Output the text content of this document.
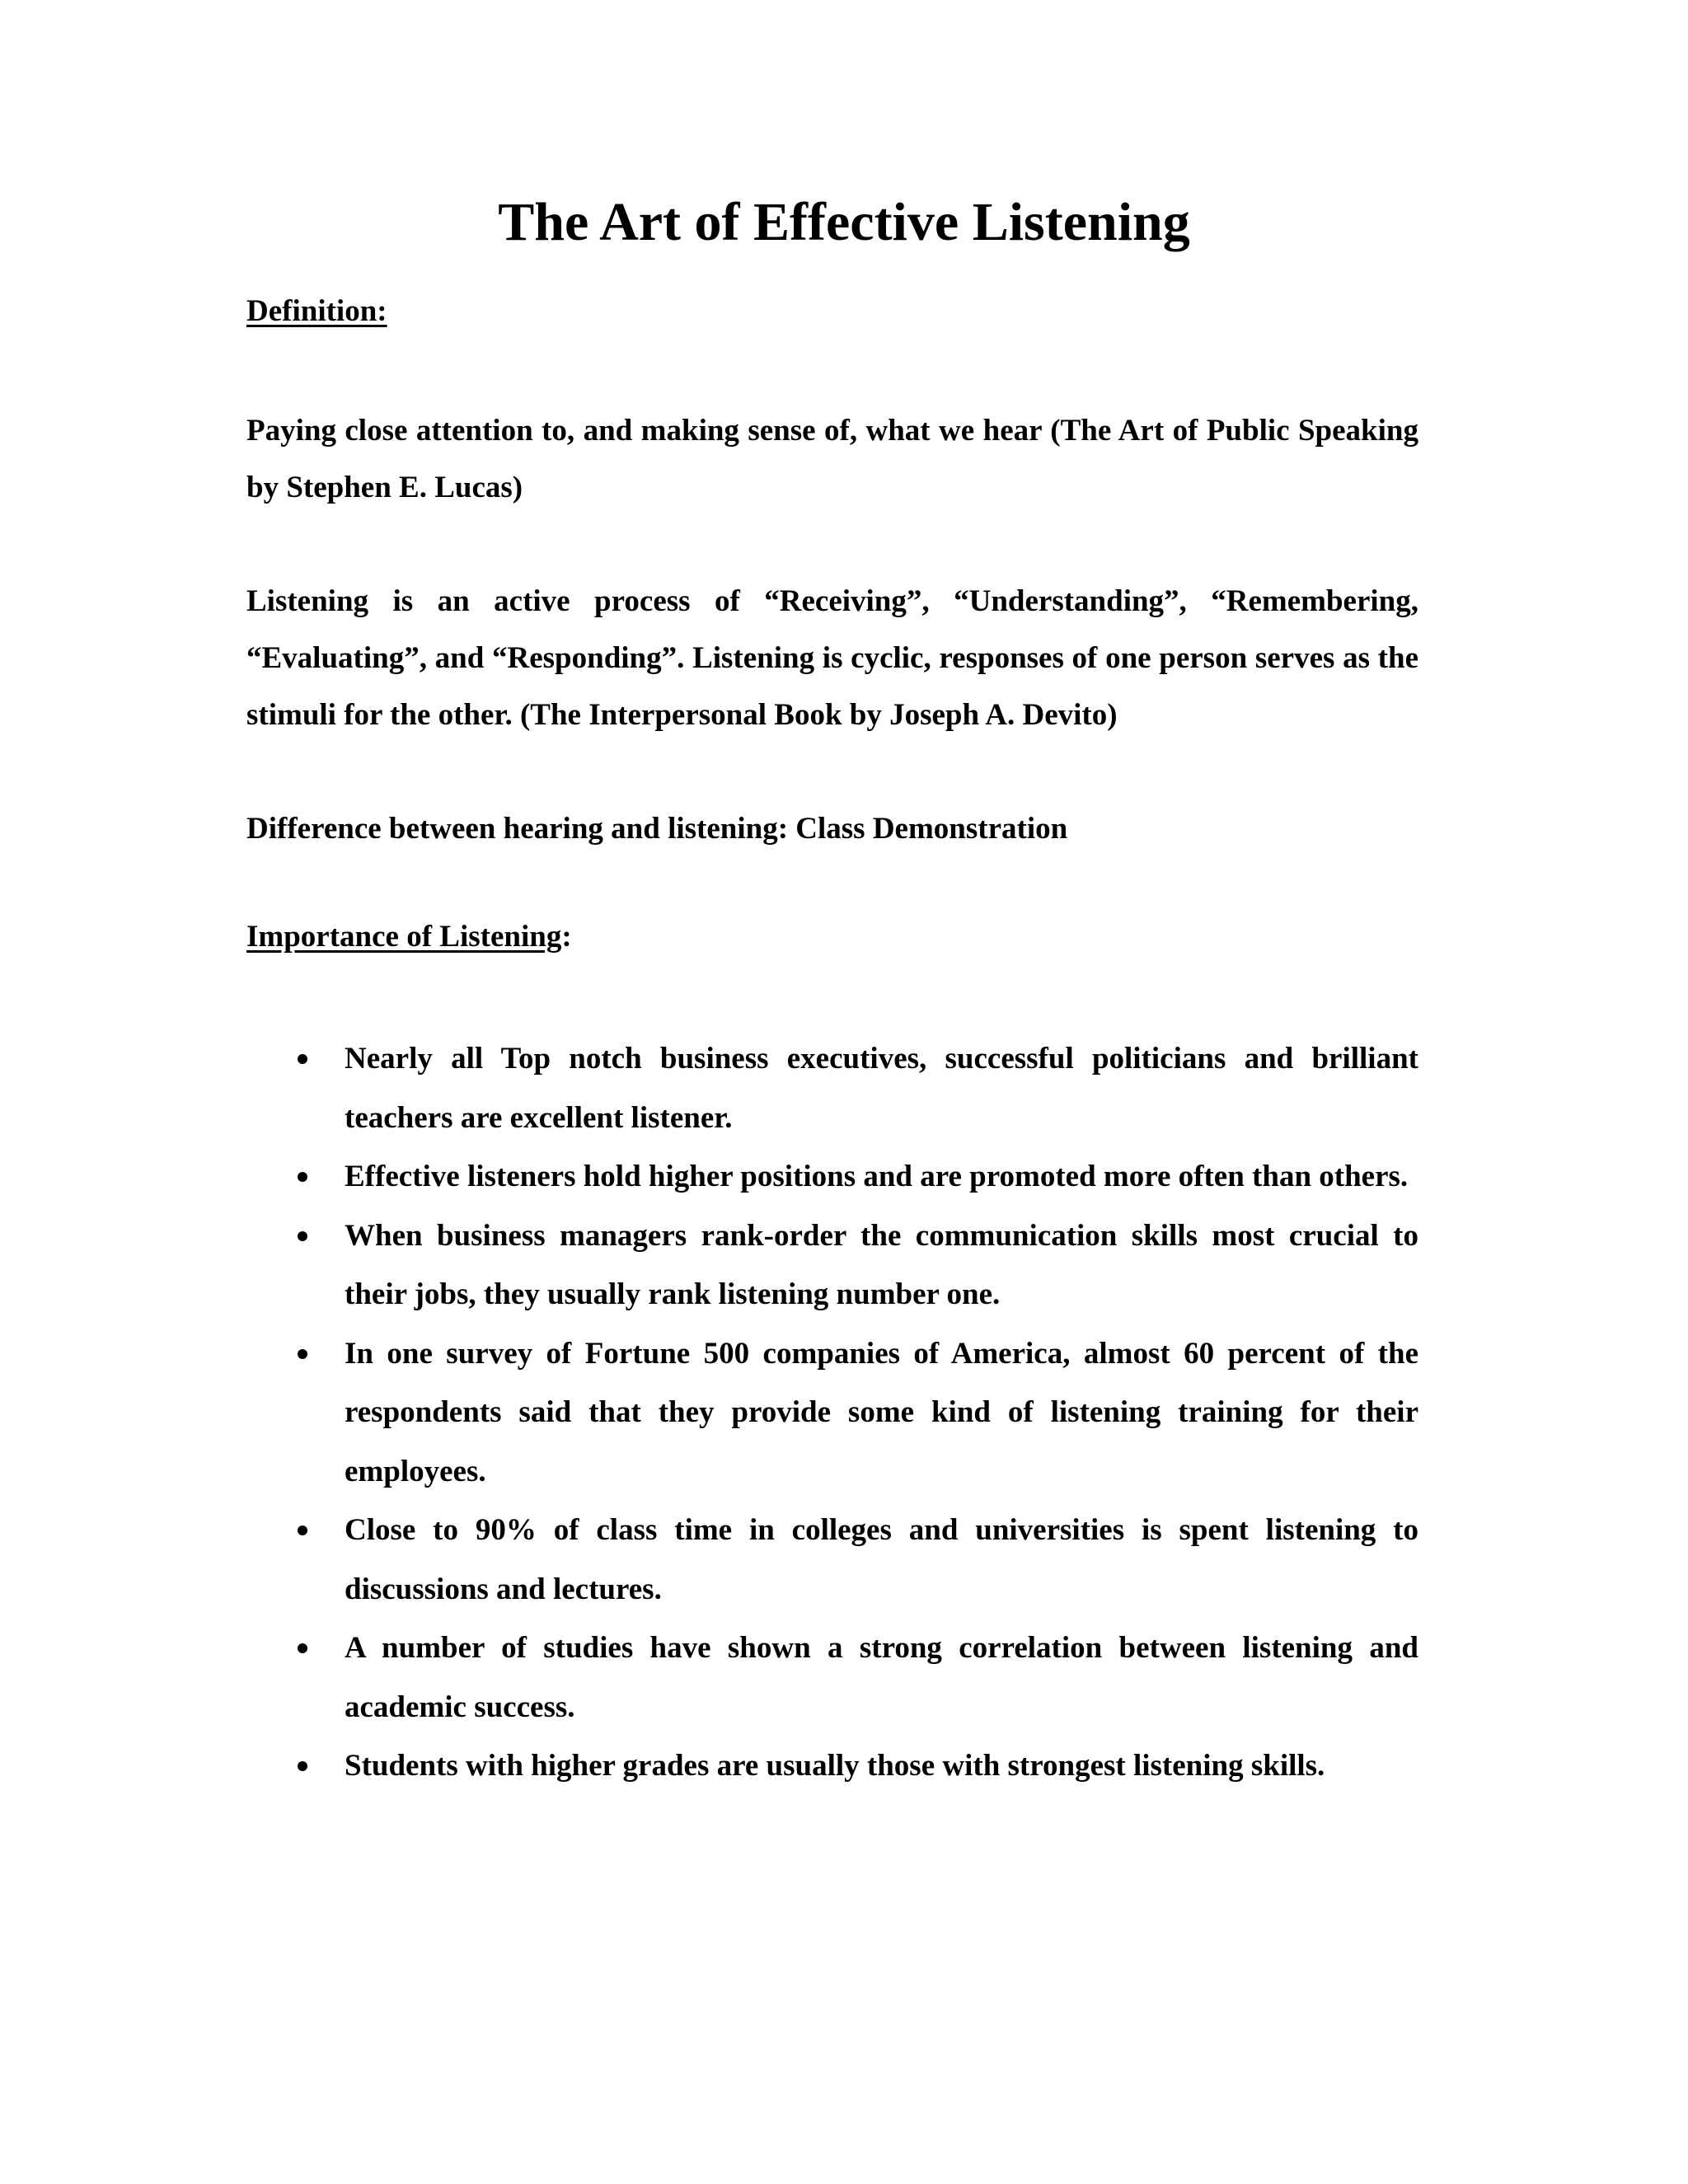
The Art of Effective Listening

Definition:

Paying close attention to, and making sense of, what we hear (The Art of Public Speaking by Stephen E. Lucas)

Listening is an active process of “Receiving”, “Understanding”, “Remembering, “Evaluating”, and “Responding”. Listening is cyclic, responses of one person serves as the stimuli for the other. (The Interpersonal Book by Joseph A. Devito)

Difference between hearing and listening: Class Demonstration

Importance of Listening:

Nearly all Top notch business executives, successful politicians and brilliant teachers are excellent listener.
Effective listeners hold higher positions and are promoted more often than others.
When business managers rank-order the communication skills most crucial to their jobs, they usually rank listening number one.
In one survey of Fortune 500 companies of America, almost 60 percent of the respondents said that they provide some kind of listening training for their employees.
Close to 90% of class time in colleges and universities is spent listening to discussions and lectures.
A number of studies have shown a strong correlation between listening and academic success.
Students with higher grades are usually those with strongest listening skills.
